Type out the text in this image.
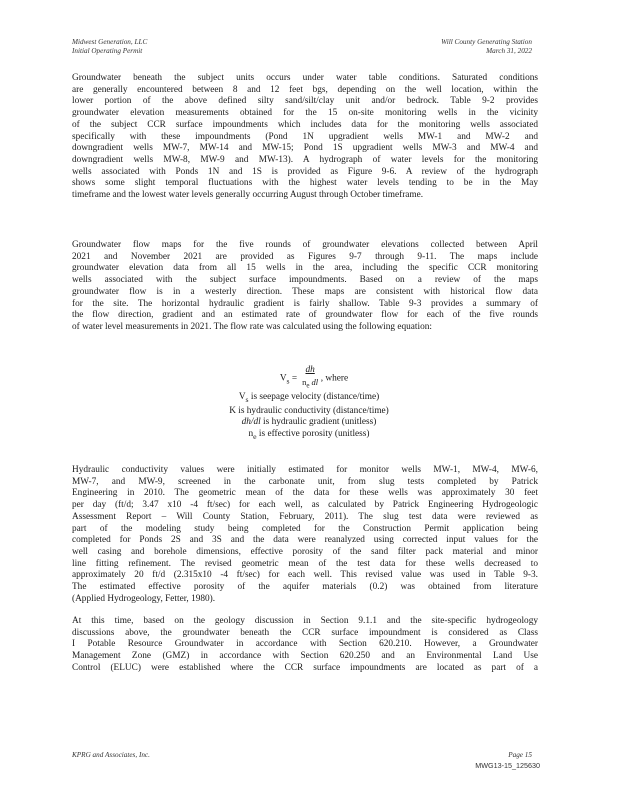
Midwest Generation, LLC
Initial Operating Permit
Will County Generating Station
March 31, 2022

Groundwater beneath the subject units occurs under water table conditions. Saturated conditions

are generally encountered between 8 and 12 feet bgs, depending on the well location, within the

lower portion of the above defined silty sand/silt/clay unit and/or bedrock. Table 9-2 provides

groundwater elevation measurements obtained for the 15 on-site monitoring wells in the vicinity

of the subject CCR surface impoundments which includes data for the monitoring wells associated

specifically with these impoundments (Pond 1N upgradient wells MW-1 and MW-2 and

downgradient wells MW-7, MW-14 and MW-15; Pond 1S upgradient wells MW-3 and MW-4 and

downgradient wells MW-8, MW-9 and MW-13). A hydrograph of water levels for the monitoring

wells associated with Ponds 1N and 1S is provided as Figure 9-6. A review of the hydrograph

shows some slight temporal fluctuations with the highest water levels tending to be in the May

timeframe and the lowest water levels generally occurring August through October timeframe.

Groundwater flow maps for the five rounds of groundwater elevations collected between April

2021 and November 2021 are provided as Figures 9-7 through 9-11. The maps include

groundwater elevation data from all 15 wells in the area, including the specific CCR monitoring

wells associated with the subject surface impoundments. Based on a review of the maps

groundwater flow is in a westerly direction. These maps are consistent with historical flow data

for the site. The horizontal hydraulic gradient is fairly shallow. Table 9-3 provides a summary of

the flow direction, gradient and an estimated rate of groundwater flow for each of the five rounds

of water level measurements in 2021. The flow rate was calculated using the following equation:

$V_s = \frac{dh}{n_e dl}$ , where
$V_s$ is seepage velocity (distance/time)
K is hydraulic conductivity (distance/time)
dh/dl is hydraulic gradient (unitless)
$n_e$ is effective porosity (unitless)

Hydraulic conductivity values were initially estimated for monitor wells MW-1, MW-4, MW-6,

MW-7, and MW-9, screened in the carbonate unit, from slug tests completed by Patrick

Engineering in 2010. The geometric mean of the data for these wells was approximately 30 feet

per day (ft/d; 3.47 x10 -4 ft/sec) for each well, as calculated by Patrick Engineering Hydrogeologic

Assessment Report – Will County Station, February, 2011). The slug test data were reviewed as

part of the modeling study being completed for the Construction Permit application being

completed for Ponds 2S and 3S and the data were reanalyzed using corrected input values for the

well casing and borehole dimensions, effective porosity of the sand filter pack material and minor

line fitting refinement. The revised geometric mean of the test data for these wells decreased to

approximately 20 ft/d (2.315x10 -4 ft/sec) for each well. This revised value was used in Table 9-3.

The estimated effective porosity of the aquifer materials (0.2) was obtained from literature

(Applied Hydrogeology, Fetter, 1980).

At this time, based on the geology discussion in Section 9.1.1 and the site-specific hydrogeology

discussions above, the groundwater beneath the CCR surface impoundment is considered as Class

I Potable Resource Groundwater in accordance with Section 620.210. However, a Groundwater

Management Zone (GMZ) in accordance with Section 620.250 and an Environmental Land Use

Control (ELUC) were established where the CCR surface impoundments are located as part of a

KPRG and Associates, Inc.	Page 15
MWG13-15_125630
